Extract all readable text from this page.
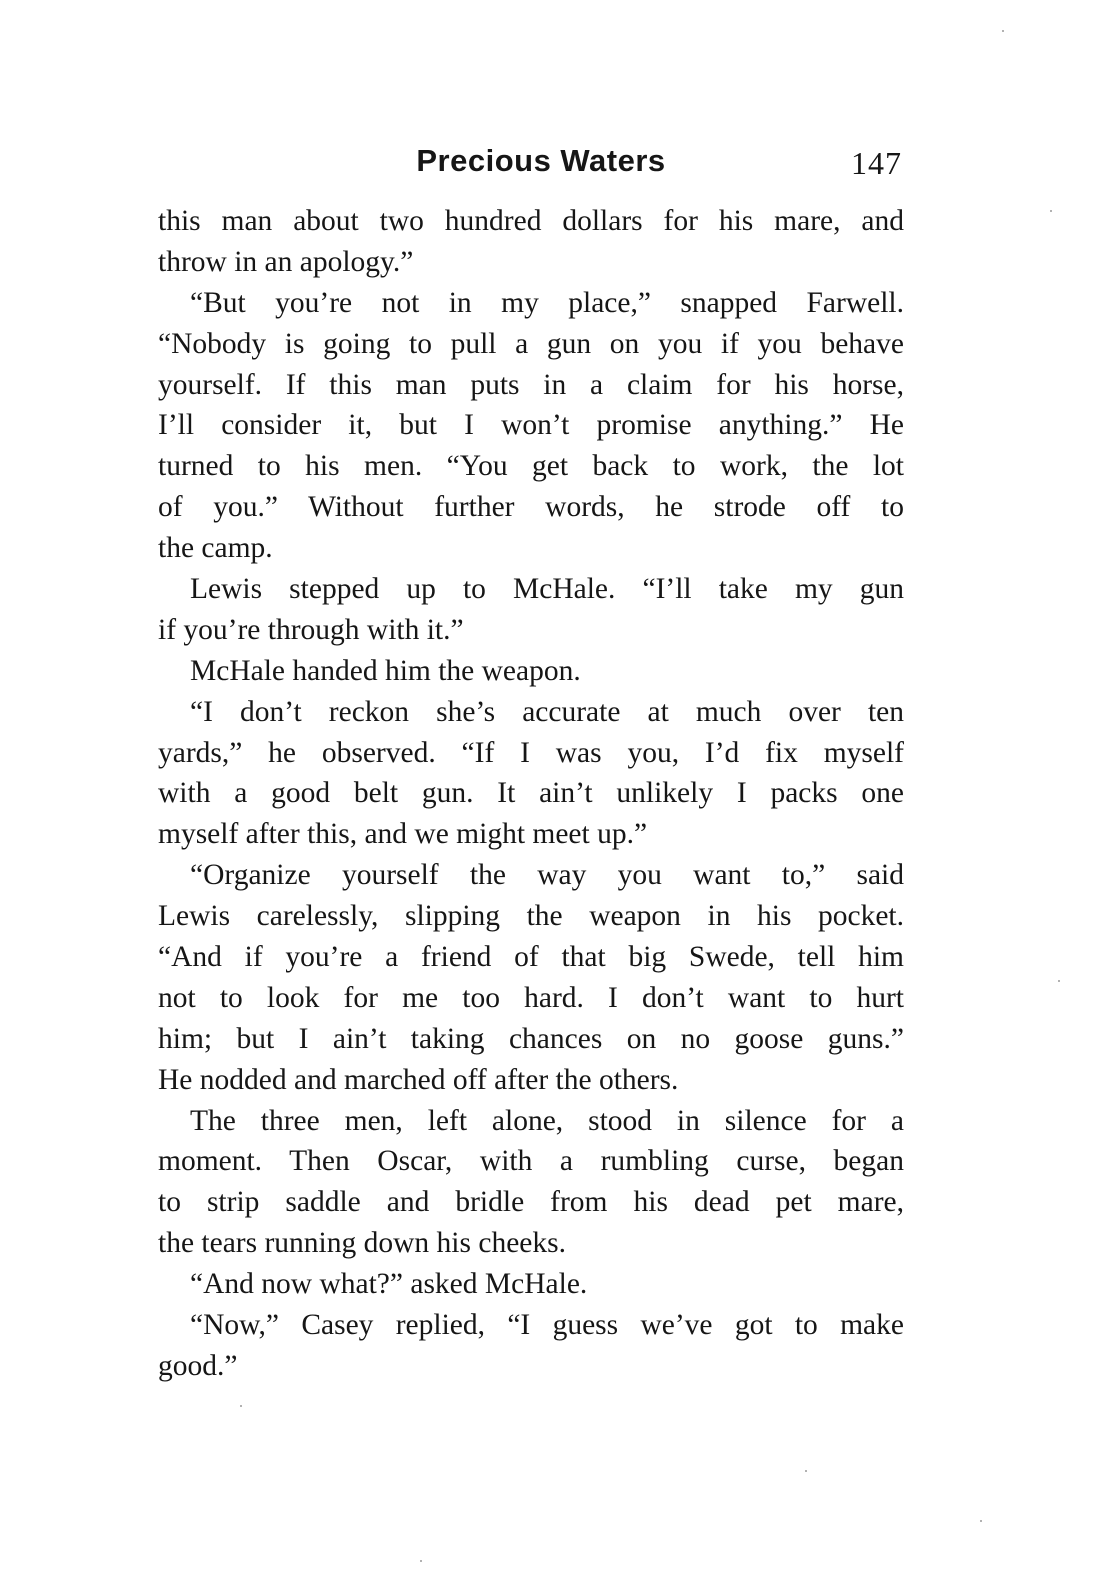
Precious Waters	147
this man about two hundred dollars for his mare, and
throw in an apology.”
“But you’re not in my place,” snapped Farwell.
“Nobody is going to pull a gun on you if you behave
yourself. If this man puts in a claim for his horse,
I’ll consider it, but I won’t promise anything.” He
turned to his men. “You get back to work, the lot
of you.” Without further words, he strode off to
the camp.
Lewis stepped up to McHale. “I’ll take my gun
if you’re through with it.”
McHale handed him the weapon.
“I don’t reckon she’s accurate at much over ten
yards,” he observed. “If I was you, I’d fix myself
with a good belt gun. It ain’t unlikely I packs one
myself after this, and we might meet up.”
“Organize yourself the way you want to,” said
Lewis carelessly, slipping the weapon in his pocket.
“And if you’re a friend of that big Swede, tell him
not to look for me too hard. I don’t want to hurt
him; but I ain’t taking chances on no goose guns.”
He nodded and marched off after the others.
The three men, left alone, stood in silence for a
moment. Then Oscar, with a rumbling curse, began
to strip saddle and bridle from his dead pet mare,
the tears running down his cheeks.
“And now what?” asked McHale.
“Now,” Casey replied, “I guess we’ve got to make
good.”
